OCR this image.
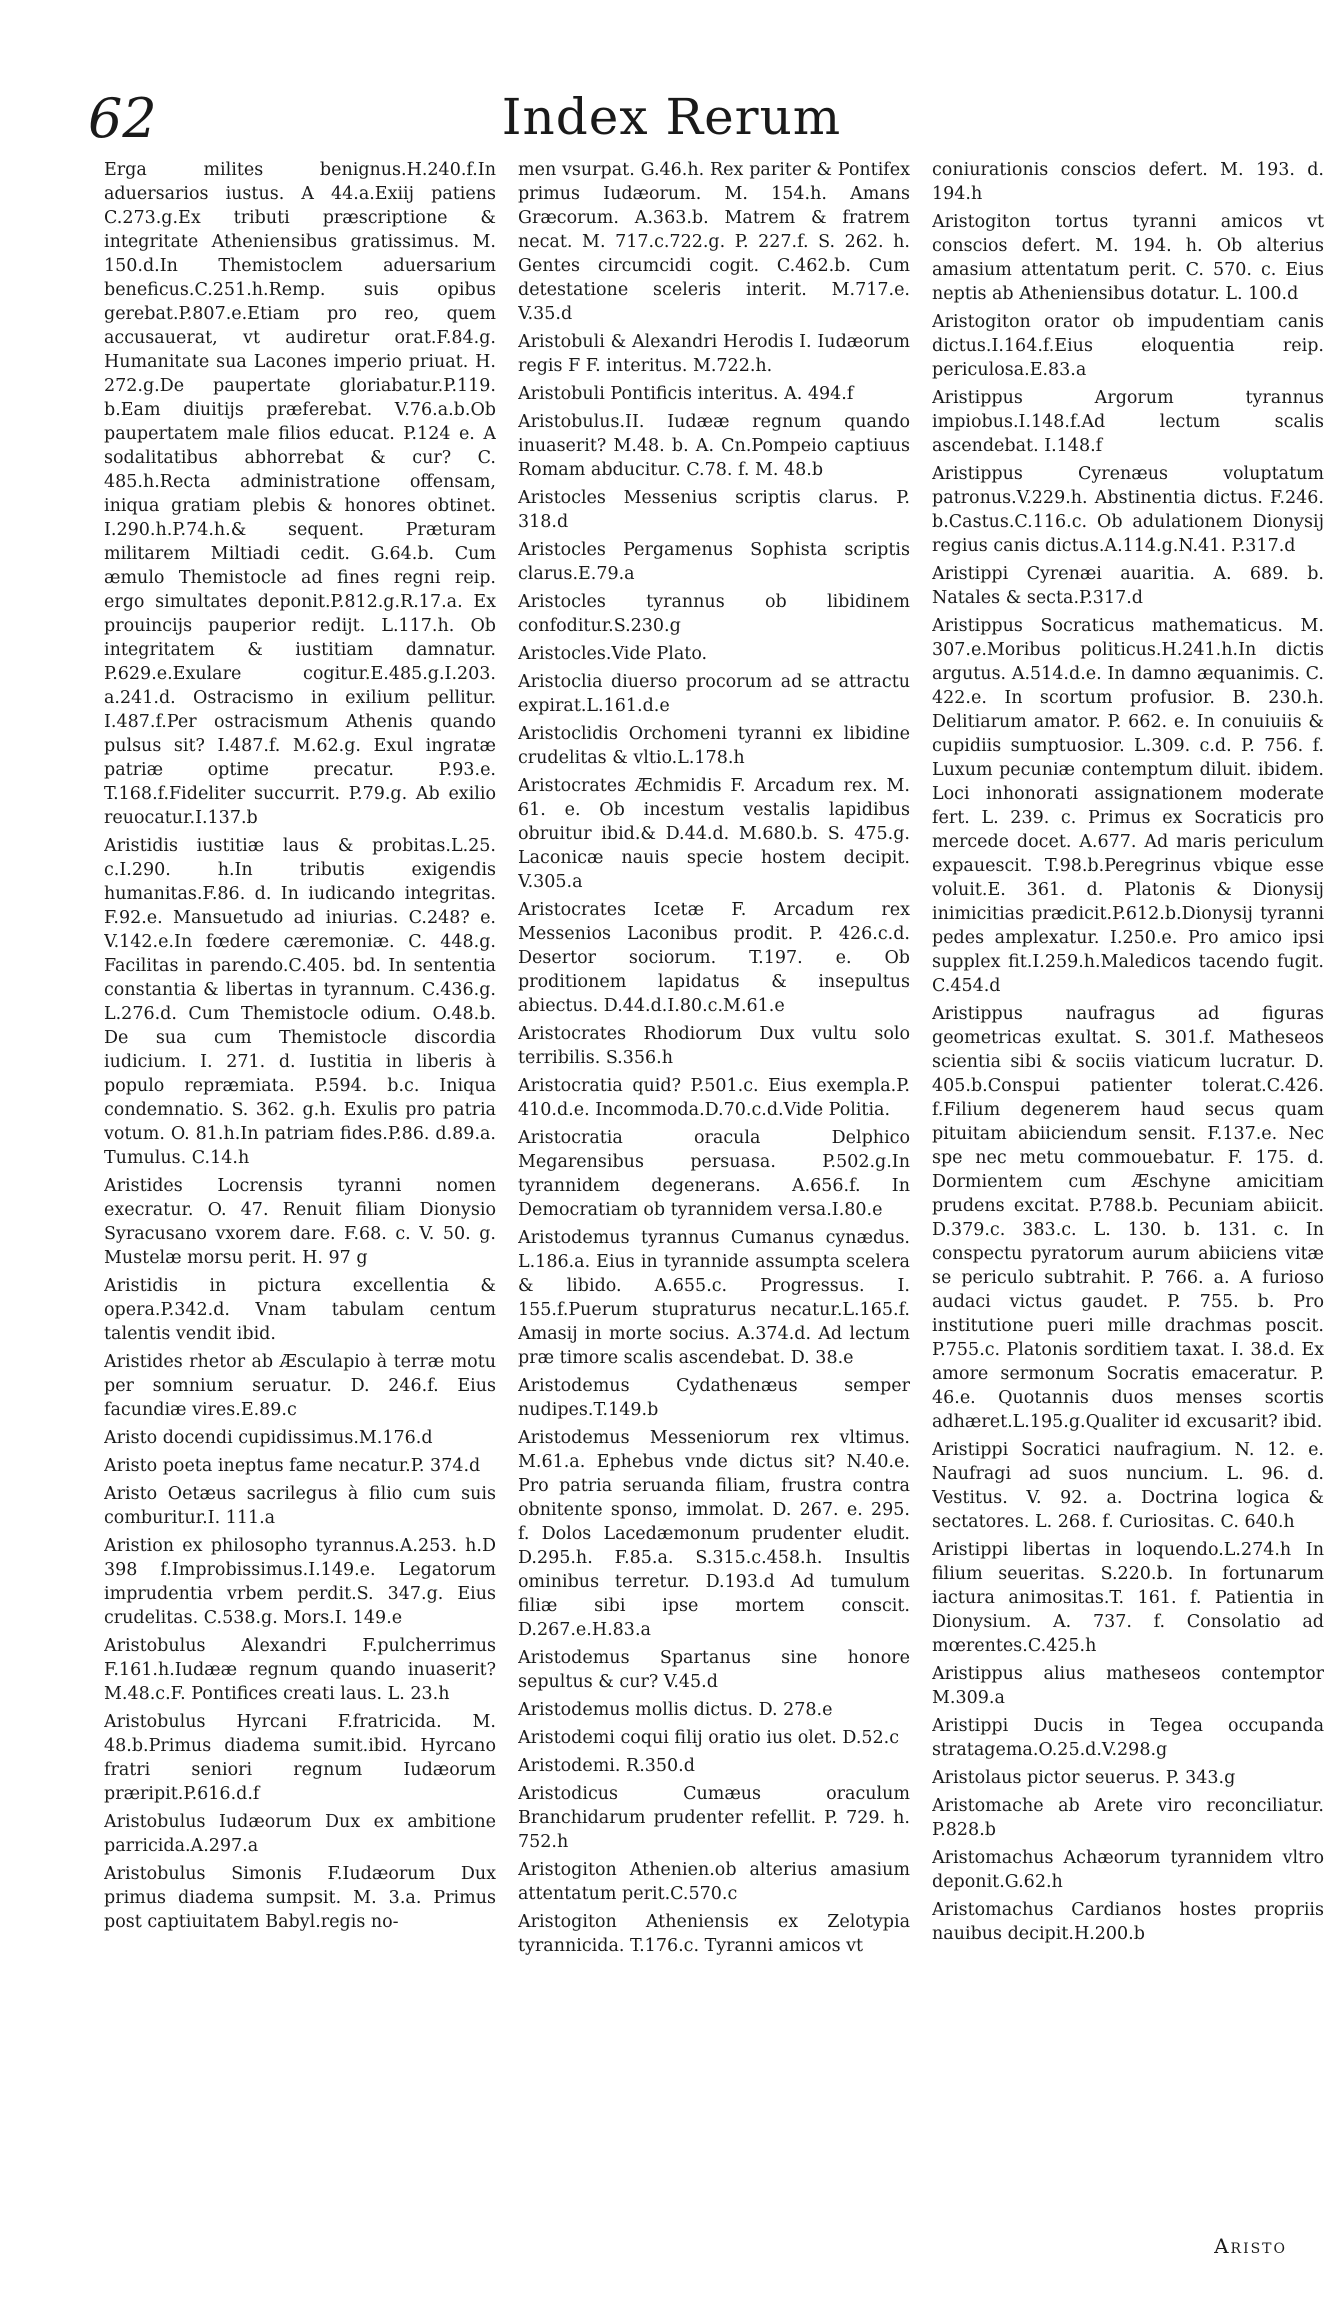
62	Index Rerum

Erga milites benignus.H.240.f.In aduersarios iustus. A 44.a.Exiij patiens C.273.g.Ex tributi præscriptione & integritate Atheniensibus gratissimus. M. 150.d.In Themistoclem aduersarium beneficus.C.251.h.Remp. suis opibus gerebat.P.807.e.Etiam pro reo, quem accusauerat, vt audiretur orat.F.84.g. Humanitate sua Lacones imperio priuat. H. 272.g.De paupertate gloriabatur.P.119. b.Eam diuitijs præferebat. V.76.a.b.Ob paupertatem male filios educat. P.124 e. A sodalitatibus abhorrebat & cur? C. 485.h.Recta administratione offensam, iniqua gratiam plebis & honores obtinet. I.290.h.P.74.h.& sequent. Præturam militarem Miltiadi cedit. G.64.b. Cum æmulo Themistocle ad fines regni reip. ergo simultates deponit.P.812.g.R.17.a. Ex prouincijs pauperior redijt. L.117.h. Ob integritatem & iustitiam damnatur. P.629.e.Exulare cogitur.E.485.g.I.203. a.241.d. Ostracismo in exilium pellitur. I.487.f.Per ostracismum Athenis quando pulsus sit? I.487.f. M.62.g. Exul ingratæ patriæ optime precatur. P.93.e. T.168.f.Fideliter succurrit. P.79.g. Ab exilio reuocatur.I.137.b

Aristidis iustitiæ laus & probitas.L.25. c.I.290. h.In tributis exigendis humanitas.F.86. d. In iudicando integritas. F.92.e. Mansuetudo ad iniurias. C.248? e. V.142.e.In fœdere cæremoniæ. C. 448.g. Facilitas in parendo.C.405. bd. In sententia constantia & libertas in tyrannum. C.436.g. L.276.d. Cum Themistocle odium. O.48.b. De sua cum Themistocle discordia iudicium. I. 271. d. Iustitia in liberis à populo repræmiata. P.594. b.c. Iniqua condemnatio. S. 362. g.h. Exulis pro patria votum. O. 81.h.In patriam fides.P.86. d.89.a. Tumulus. C.14.h

Aristides Locrensis tyranni nomen execratur. O. 47. Renuit filiam Dionysio Syracusano vxorem dare. F.68. c. V. 50. g. Mustelæ morsu perit. H. 97 g

Aristidis in pictura excellentia & opera.P.342.d. Vnam tabulam centum talentis vendit ibid.

Aristides rhetor ab Æsculapio à terræ motu per somnium seruatur. D. 246.f. Eius facundiæ vires.E.89.c

Aristo docendi cupidissimus.M.176.d

Aristo poeta ineptus fame necatur.P. 374.d

Aristo Oetæus sacrilegus à filio cum suis comburitur.I. 111.a

Aristion ex philosopho tyrannus.A.253. h.D 398 f.Improbissimus.I.149.e. Legatorum imprudentia vrbem perdit.S. 347.g. Eius crudelitas. C.538.g. Mors.I. 149.e

Aristobulus Alexandri F.pulcherrimus F.161.h.Iudææ regnum quando inuaserit? M.48.c.F. Pontifices creati laus. L. 23.h

Aristobulus Hyrcani F.fratricida. M. 48.b.Primus diadema sumit.ibid. Hyrcano fratri seniori regnum Iudæorum præripit.P.616.d.f

Aristobulus Iudæorum Dux ex ambitione parricida.A.297.a

Aristobulus Simonis F.Iudæorum Dux primus diadema sumpsit. M. 3.a. Primus post captiuitatem Babyl.regis no-

men vsurpat. G.46.h. Rex pariter & Pontifex primus Iudæorum. M. 154.h. Amans Græcorum. A.363.b. Matrem & fratrem necat. M. 717.c.722.g. P. 227.f. S. 262. h. Gentes circumcidi cogit. C.462.b. Cum detestatione sceleris interit. M.717.e. V.35.d

Aristobuli & Alexandri Herodis I. Iudæorum regis F F. interitus. M.722.h.

Aristobuli Pontificis interitus. A. 494.f

Aristobulus.II. Iudææ regnum quando inuaserit? M.48. b. A. Cn.Pompeio captiuus Romam abducitur. C.78. f. M. 48.b

Aristocles Messenius scriptis clarus. P. 318.d

Aristocles Pergamenus Sophista scriptis clarus.E.79.a

Aristocles tyrannus ob libidinem confoditur.S.230.g

Aristocles.Vide Plato.

Aristoclia diuerso procorum ad se attractu expirat.L.161.d.e

Aristoclidis Orchomeni tyranni ex libidine crudelitas & vltio.L.178.h

Aristocrates Æchmidis F. Arcadum rex. M. 61. e. Ob incestum vestalis lapidibus obruitur ibid.& D.44.d. M.680.b. S. 475.g. Laconicæ nauis specie hostem decipit. V.305.a

Aristocrates Icetæ F. Arcadum rex Messenios Laconibus prodit. P. 426.c.d. Desertor sociorum. T.197. e. Ob proditionem lapidatus & insepultus abiectus. D.44.d.I.80.c.M.61.e

Aristocrates Rhodiorum Dux vultu solo terribilis. S.356.h

Aristocratia quid? P.501.c. Eius exempla.P. 410.d.e. Incommoda.D.70.c.d.Vide Politia.

Aristocratia oracula Delphico Megarensibus persuasa. P.502.g.In tyrannidem degenerans. A.656.f. In Democratiam ob tyrannidem versa.I.80.e

Aristodemus tyrannus Cumanus cynædus. L.186.a. Eius in tyrannide assumpta scelera & libido. A.655.c. Progressus. I. 155.f.Puerum stupraturus necatur.L.165.f. Amasij in morte socius. A.374.d. Ad lectum præ timore scalis ascendebat. D. 38.e

Aristodemus Cydathenæus semper nudipes.T.149.b

Aristodemus Messeniorum rex vltimus. M.61.a. Ephebus vnde dictus sit? N.40.e. Pro patria seruanda filiam, frustra contra obnitente sponso, immolat. D. 267. e. 295. f. Dolos Lacedæmonum prudenter eludit. D.295.h. F.85.a. S.315.c.458.h. Insultis ominibus terretur. D.193.d Ad tumulum filiæ sibi ipse mortem conscit. D.267.e.H.83.a

Aristodemus Spartanus sine honore sepultus & cur? V.45.d

Aristodemus mollis dictus. D. 278.e

Aristodemi coqui filij oratio ius olet. D.52.c

Aristodemi. R.350.d

Aristodicus Cumæus oraculum Branchidarum prudenter refellit. P. 729. h. 752.h

Aristogiton Athenien.ob alterius amasium attentatum perit.C.570.c

Aristogiton Atheniensis ex Zelotypia tyrannicida. T.176.c. Tyranni amicos vt

coniurationis conscios defert. M. 193. d. 194.h

Aristogiton tortus tyranni amicos vt conscios defert. M. 194. h. Ob alterius amasium attentatum perit. C. 570. c. Eius neptis ab Atheniensibus dotatur. L. 100.d

Aristogiton orator ob impudentiam canis dictus.I.164.f.Eius eloquentia reip. periculosa.E.83.a

Aristippus Argorum tyrannus impiobus.I.148.f.Ad lectum scalis ascendebat. I.148.f

Aristippus Cyrenæus voluptatum patronus.V.229.h. Abstinentia dictus. F.246. b.Castus.C.116.c. Ob adulationem Dionysij regius canis dictus.A.114.g.N.41. P.317.d

Aristippi Cyrenæi auaritia. A. 689. b. Natales & secta.P.317.d

Aristippus Socraticus mathematicus. M. 307.e.Moribus politicus.H.241.h.In dictis argutus. A.514.d.e. In damno æquanimis. C. 422.e. In scortum profusior. B. 230.h. Delitiarum amator. P. 662. e. In conuiuiis & cupidiis sumptuosior. L.309. c.d. P. 756. f. Luxum pecuniæ contemptum diluit. ibidem. Loci inhonorati assignationem moderate fert. L. 239. c. Primus ex Socraticis pro mercede docet. A.677. Ad maris periculum expauescit. T.98.b.Peregrinus vbique esse voluit.E. 361. d. Platonis & Dionysij inimicitias prædicit.P.612.b.Dionysij tyranni pedes amplexatur. I.250.e. Pro amico ipsi supplex fit.I.259.h.Maledicos tacendo fugit. C.454.d

Aristippus naufragus ad figuras geometricas exultat. S. 301.f. Matheseos scientia sibi & sociis viaticum lucratur. D. 405.b.Conspui patienter tolerat.C.426. f.Filium degenerem haud secus quam pituitam abiiciendum sensit. F.137.e. Nec spe nec metu commouebatur. F. 175. d. Dormientem cum Æschyne amicitiam prudens excitat. P.788.b. Pecuniam abiicit. D.379.c. 383.c. L. 130. b. 131. c. In conspectu pyratorum aurum abiiciens vitæ se periculo subtrahit. P. 766. a. A furioso audaci victus gaudet. P. 755. b. Pro institutione pueri mille drachmas poscit. P.755.c. Platonis sorditiem taxat. I. 38.d. Ex amore sermonum Socratis emaceratur. P. 46.e. Quotannis duos menses scortis adhæret.L.195.g.Qualiter id excusarit? ibid.

Aristippi Socratici naufragium. N. 12. e. Naufragi ad suos nuncium. L. 96. d. Vestitus. V. 92. a. Doctrina logica & sectatores. L. 268. f. Curiositas. C. 640.h

Aristippi libertas in loquendo.L.274.h In filium seueritas. S.220.b. In fortunarum iactura animositas.T. 161. f. Patientia in Dionysium. A. 737. f. Consolatio ad mœrentes.C.425.h

Aristippus alius matheseos contemptor M.309.a

Aristippi Ducis in Tegea occupanda stratagema.O.25.d.V.298.g

Aristolaus pictor seuerus. P. 343.g

Aristomache ab Arete viro reconciliatur. P.828.b

Aristomachus Achæorum tyrannidem vltro deponit.G.62.h

Aristomachus Cardianos hostes propriis nauibus decipit.H.200.b

Aristo
